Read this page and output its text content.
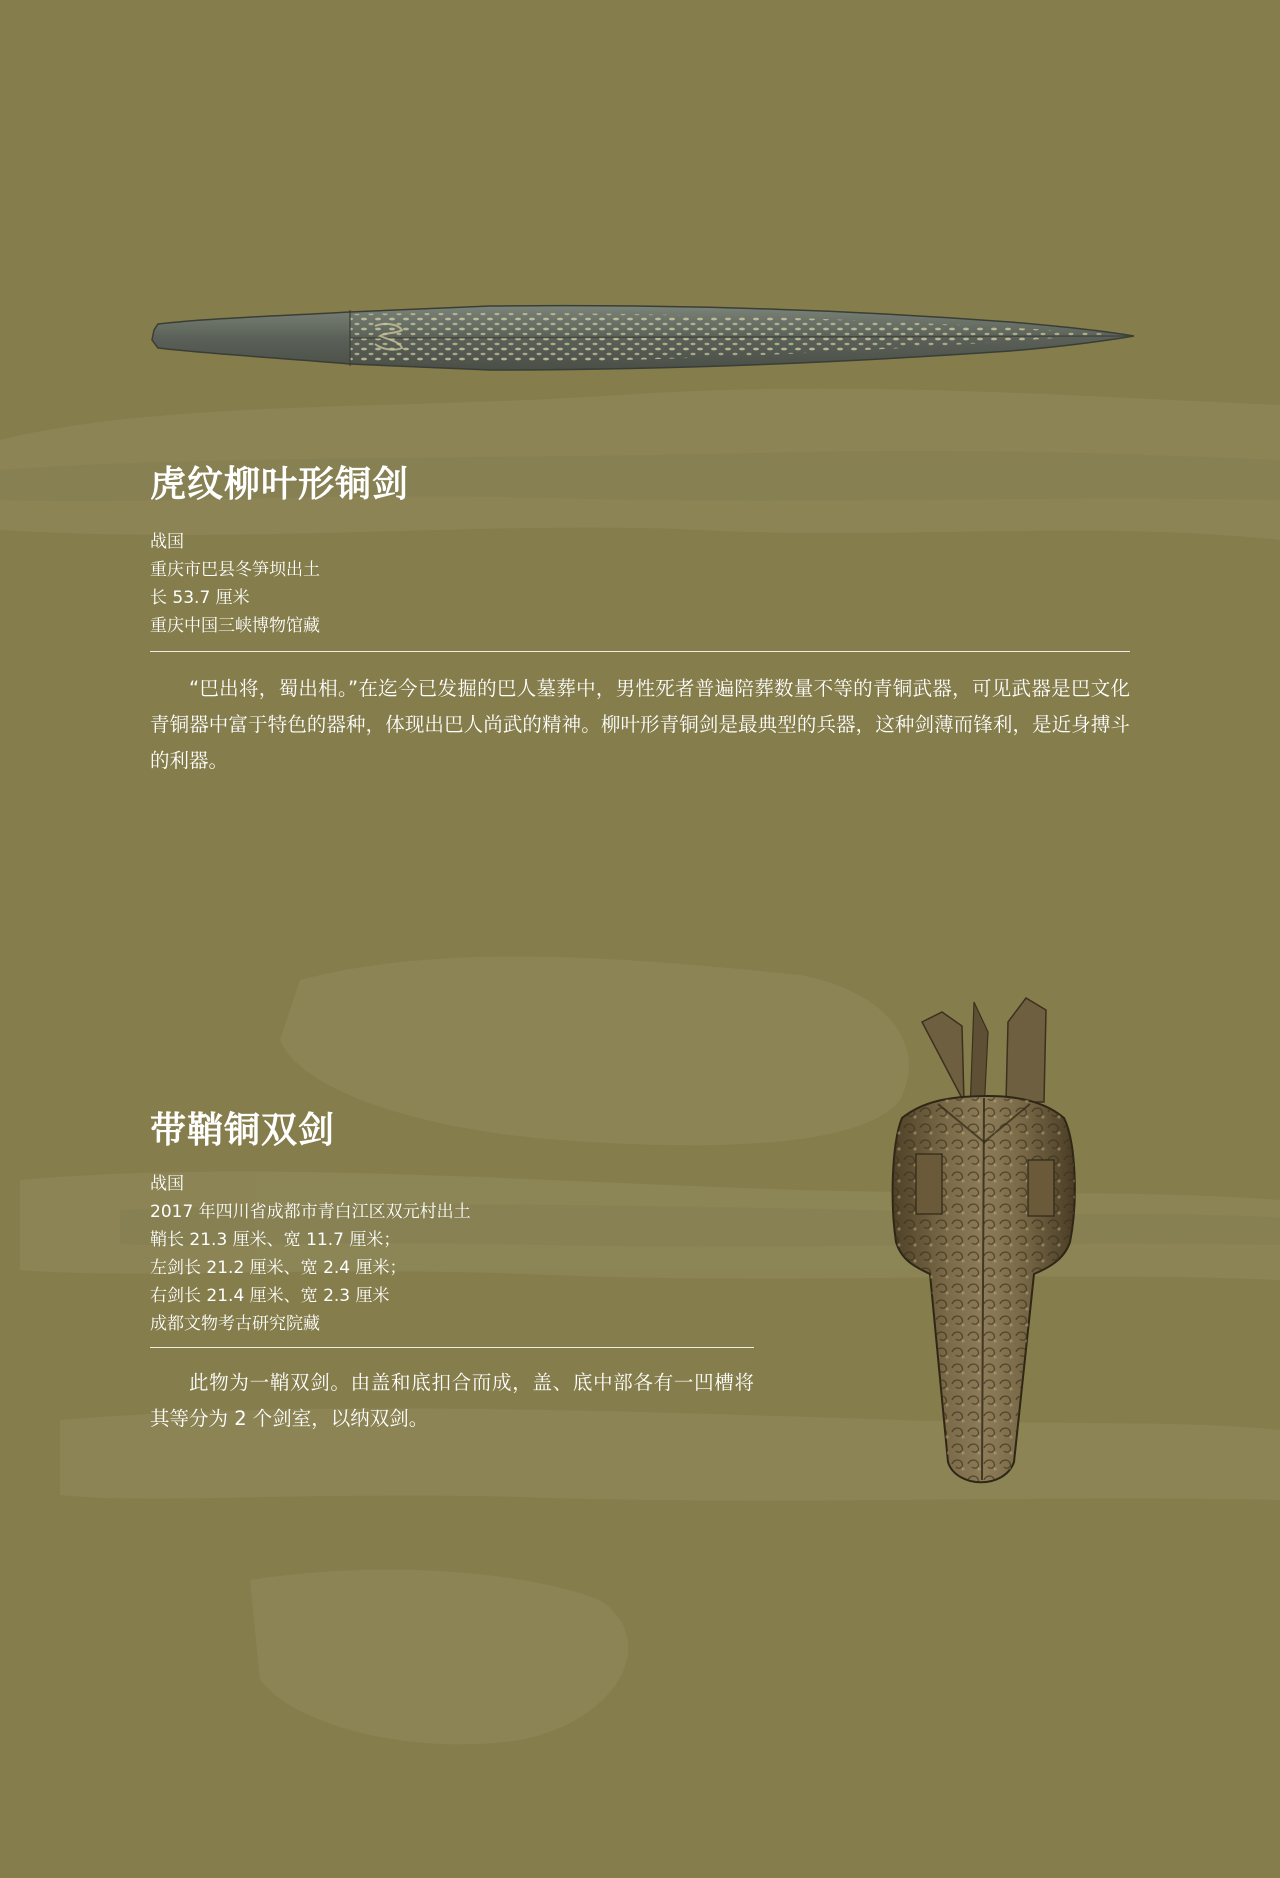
虎纹柳叶形铜剑
战国
重庆市巴县冬笋坝出土
长 53.7 厘米
重庆中国三峡博物馆藏

“巴出将，蜀出相。”在迄今已发掘的巴人墓葬中，男性死者普遍陪葬数量不等的青铜武器，可见武器是巴文化青铜器中富于特色的器种，体现出巴人尚武的精神。柳叶形青铜剑是最典型的兵器，这种剑薄而锋利，是近身搏斗的利器。

带鞘铜双剑
战国
2017 年四川省成都市青白江区双元村出土
鞘长 21.3 厘米、宽 11.7 厘米；
左剑长 21.2 厘米、宽 2.4 厘米；
右剑长 21.4 厘米、宽 2.3 厘米
成都文物考古研究院藏

此物为一鞘双剑。由盖和底扣合而成，盖、底中部各有一凹槽将其等分为 2 个剑室，以纳双剑。
